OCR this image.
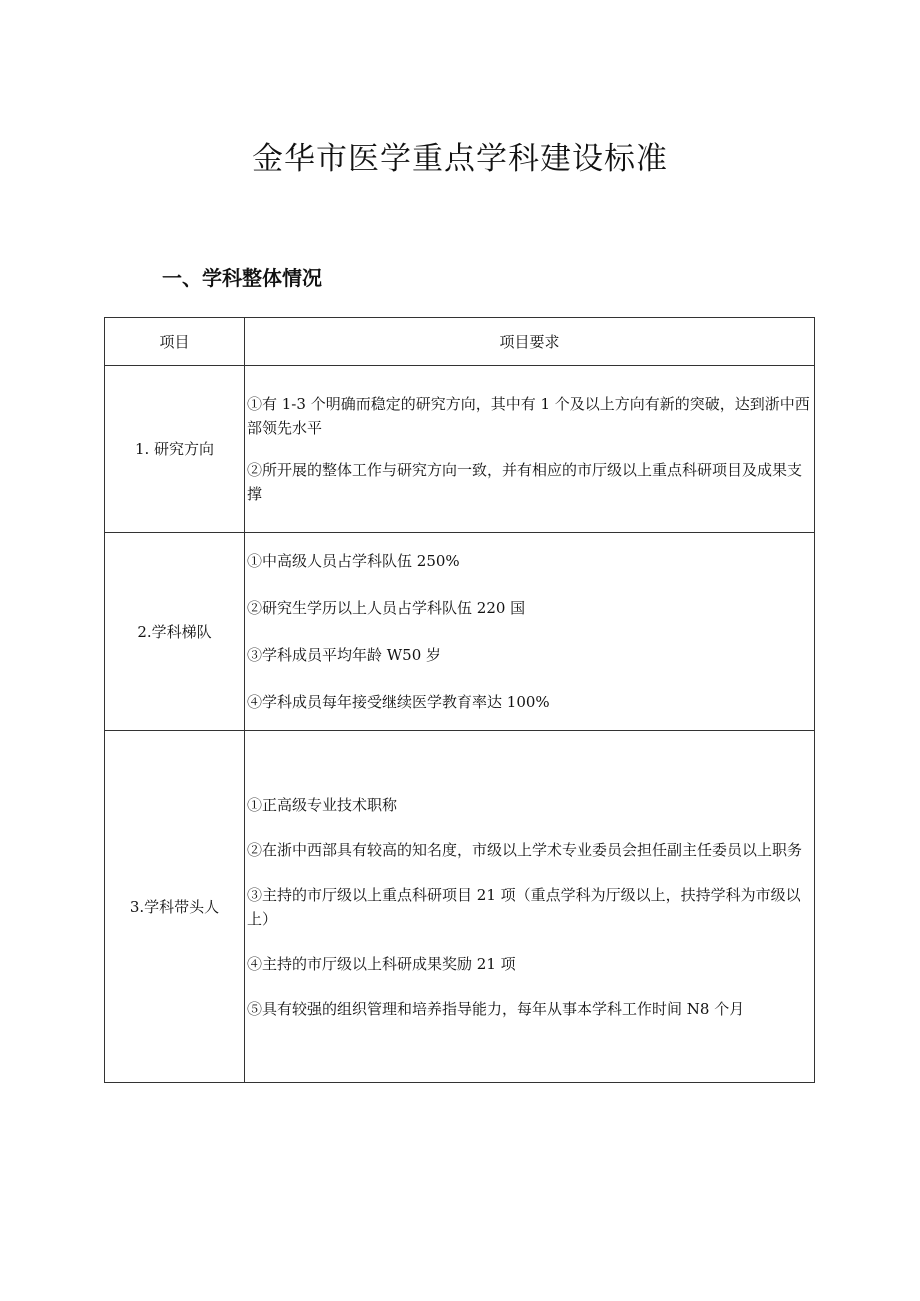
金华市医学重点学科建设标准
一、学科整体情况
项目	项目要求
1. 研究方向	①有 1-3 个明确而稳定的研究方向，其中有 1 个及以上方向有新的突破，达到浙中西部领先水平

②所开展的整体工作与研究方向一致，并有相应的市厅级以上重点科研项目及成果支撑

2.学科梯队	①中高级人员占学科队伍 250%

②研究生学历以上人员占学科队伍 220 国

③学科成员平均年龄 W50 岁

④学科成员每年接受继续医学教育率达 100%

3.学科带头人	①正高级专业技术职称

②在浙中西部具有较高的知名度，市级以上学术专业委员会担任副主任委员以上职务

③主持的市厅级以上重点科研项目 21 项（重点学科为厅级以上，扶持学科为市级以上）

④主持的市厅级以上科研成果奖励 21 项

⑤具有较强的组织管理和培养指导能力，每年从事本学科工作时间 N8 个月
